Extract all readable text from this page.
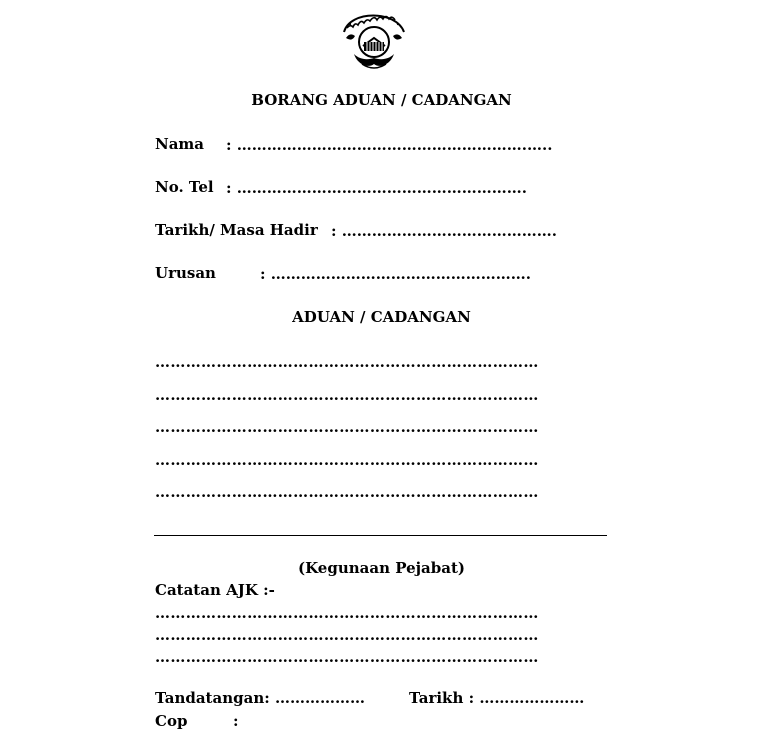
BORANG ADUAN / CADANGAN
Nama : ………………………………………………….…..
No. Tel : ………………………………………………….
Tarikh/ Masa Hadir : …………………………………….
Urusan	: …………………………………………….
ADUAN / CADANGAN
…………………………………………………………………
…………………………………………………………………
…………………………………………………………………
…………………………………………………………………
…………………………………………………………………
(Kegunaan Pejabat)
Catatan AJK :-
…………………………………………………………………
…………………………………………………………………
…………………………………………………………………
Tandatangan: ………………	Tarikh : …………………
Cop	:
